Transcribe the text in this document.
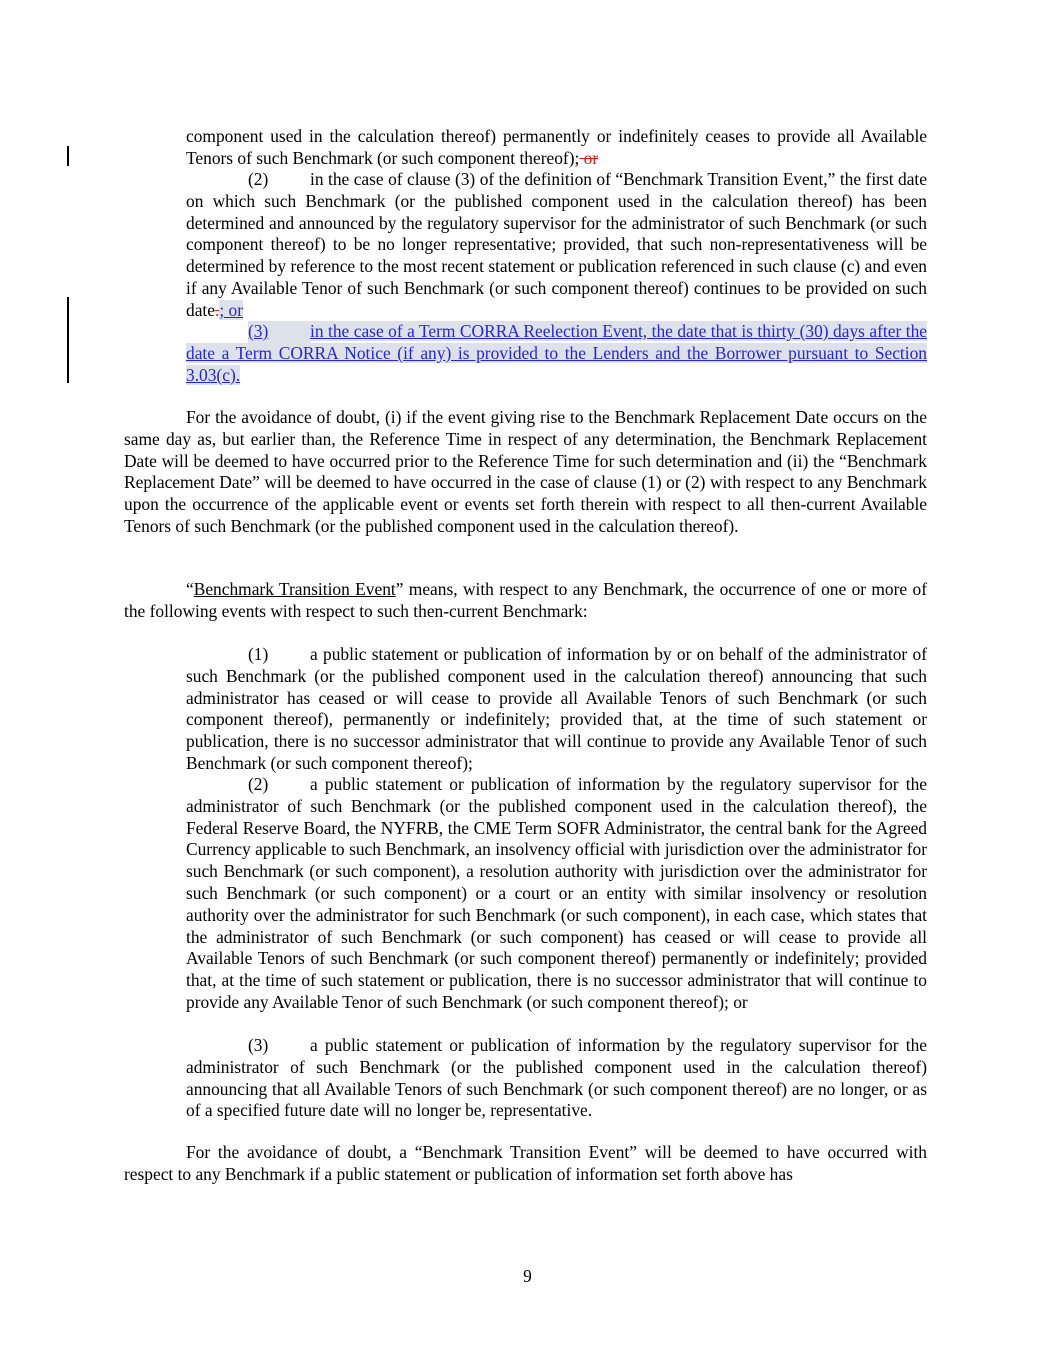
component used in the calculation thereof) permanently or indefinitely ceases to provide all Available Tenors of such Benchmark (or such component thereof); or

(2) in the case of clause (3) of the definition of “Benchmark Transition Event,” the first date on which such Benchmark (or the published component used in the calculation thereof) has been determined and announced by the regulatory supervisor for the administrator of such Benchmark (or such component thereof) to be no longer representative; provided, that such non-representativeness will be determined by reference to the most recent statement or publication referenced in such clause (c) and even if any Available Tenor of such Benchmark (or such component thereof) continues to be provided on such date.; or

(3) in the case of a Term CORRA Reelection Event, the date that is thirty (30) days after the date a Term CORRA Notice (if any) is provided to the Lenders and the Borrower pursuant to Section 3.03(c).

For the avoidance of doubt, (i) if the event giving rise to the Benchmark Replacement Date occurs on the same day as, but earlier than, the Reference Time in respect of any determination, the Benchmark Replacement Date will be deemed to have occurred prior to the Reference Time for such determination and (ii) the “Benchmark Replacement Date” will be deemed to have occurred in the case of clause (1) or (2) with respect to any Benchmark upon the occurrence of the applicable event or events set forth therein with respect to all then-current Available Tenors of such Benchmark (or the published component used in the calculation thereof).

“Benchmark Transition Event” means, with respect to any Benchmark, the occurrence of one or more of the following events with respect to such then-current Benchmark:

(1) a public statement or publication of information by or on behalf of the administrator of such Benchmark (or the published component used in the calculation thereof) announcing that such administrator has ceased or will cease to provide all Available Tenors of such Benchmark (or such component thereof), permanently or indefinitely; provided that, at the time of such statement or publication, there is no successor administrator that will continue to provide any Available Tenor of such Benchmark (or such component thereof);

(2) a public statement or publication of information by the regulatory supervisor for the administrator of such Benchmark (or the published component used in the calculation thereof), the Federal Reserve Board, the NYFRB, the CME Term SOFR Administrator, the central bank for the Agreed Currency applicable to such Benchmark, an insolvency official with jurisdiction over the administrator for such Benchmark (or such component), a resolution authority with jurisdiction over the administrator for such Benchmark (or such component) or a court or an entity with similar insolvency or resolution authority over the administrator for such Benchmark (or such component), in each case, which states that the administrator of such Benchmark (or such component) has ceased or will cease to provide all Available Tenors of such Benchmark (or such component thereof) permanently or indefinitely; provided that, at the time of such statement or publication, there is no successor administrator that will continue to provide any Available Tenor of such Benchmark (or such component thereof); or

(3) a public statement or publication of information by the regulatory supervisor for the administrator of such Benchmark (or the published component used in the calculation thereof) announcing that all Available Tenors of such Benchmark (or such component thereof) are no longer, or as of a specified future date will no longer be, representative.

For the avoidance of doubt, a “Benchmark Transition Event” will be deemed to have occurred with respect to any Benchmark if a public statement or publication of information set forth above has

9
